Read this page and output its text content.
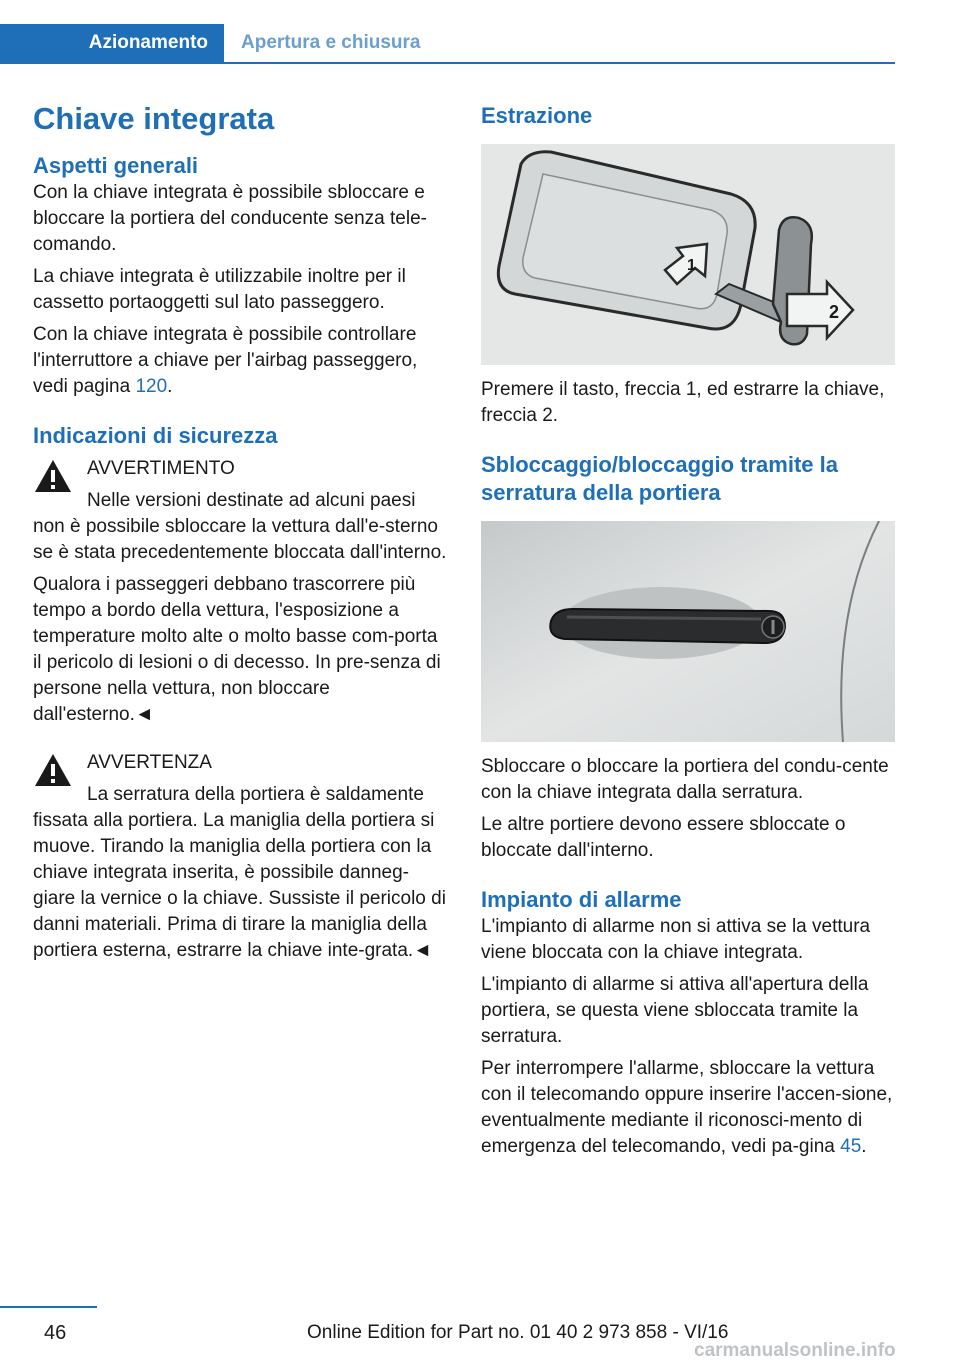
Azionamento	Apertura e chiusura
Chiave integrata
Aspetti generali

Con la chiave integrata è possibile sbloccare e bloccare la portiera del conducente senza tele-comando.

La chiave integrata è utilizzabile inoltre per il cassetto portaoggetti sul lato passeggero.

Con la chiave integrata è possibile controllare l'interruttore a chiave per l'airbag passeggero, vedi pagina 120.

Indicazioni di sicurezza
AVVERTIMENTO

Nelle versioni destinate ad alcuni paesi

non è possibile sbloccare la vettura dall'e-sterno se è stata precedentemente bloccata dall'interno.

Qualora i passeggeri debbano trascorrere più tempo a bordo della vettura, l'esposizione a temperature molto alte o molto basse com-porta il pericolo di lesioni o di decesso. In pre-senza di persone nella vettura, non bloccare dall'esterno.◄

AVVERTENZA

La serratura della portiera è saldamente

fissata alla portiera. La maniglia della portiera si muove. Tirando la maniglia della portiera con la chiave integrata inserita, è possibile danneg-giare la vernice o la chiave. Sussiste il pericolo di danni materiali. Prima di tirare la maniglia della portiera esterna, estrarre la chiave inte-grata.◄

Estrazione
1
2

Premere il tasto, freccia 1, ed estrarre la chiave, freccia 2.

Sbloccaggio/bloccaggio tramite la serratura della portiera

Sbloccare o bloccare la portiera del condu-cente con la chiave integrata dalla serratura.

Le altre portiere devono essere sbloccate o bloccate dall'interno.

Impianto di allarme

L'impianto di allarme non si attiva se la vettura viene bloccata con la chiave integrata.

L'impianto di allarme si attiva all'apertura della portiera, se questa viene sbloccata tramite la serratura.

Per interrompere l'allarme, sbloccare la vettura con il telecomando oppure inserire l'accen-sione, eventualmente mediante il riconosci-mento di emergenza del telecomando, vedi pa-gina 45.

46	Online Edition for Part no. 01 40 2 973 858 - VI/16
carmanualsonline.info
